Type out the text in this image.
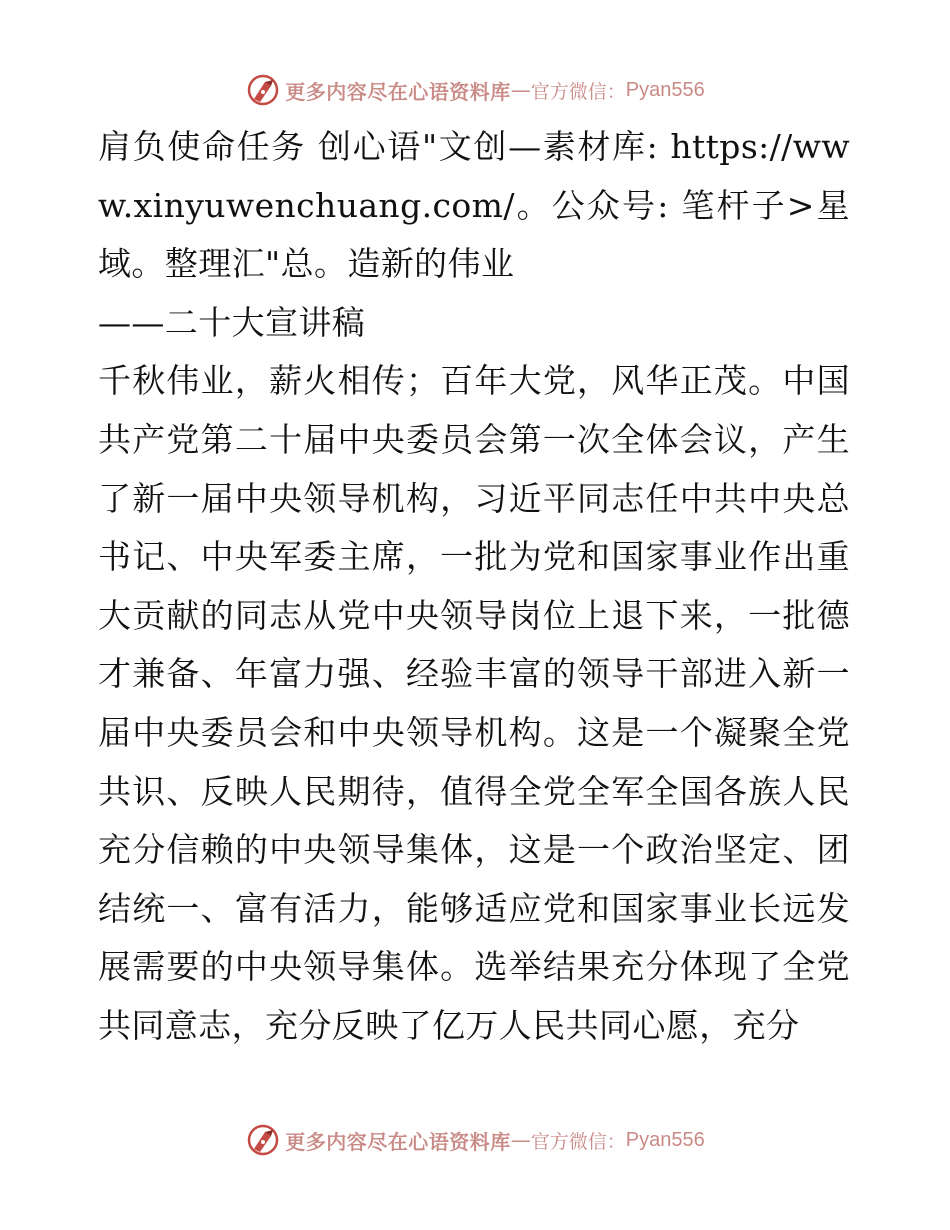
更多内容尽在心语资料库 — 官方微信： Pyan556

肩负使命任务 创心语"文创—素材库: https://www.xinyuwenchuang.com/。公众号: 笔杆子>星域。整理汇"总。造新的伟业

——二十大宣讲稿

千秋伟业，薪火相传；百年大党，风华正茂。中国共产党第二十届中央委员会第一次全体会议，产生了新一届中央领导机构，习近平同志任中共中央总书记、中央军委主席，一批为党和国家事业作出重大贡献的同志从党中央领导岗位上退下来，一批德才兼备、年富力强、经验丰富的领导干部进入新一届中央委员会和中央领导机构。这是一个凝聚全党共识、反映人民期待，值得全党全军全国各族人民充分信赖的中央领导集体，这是一个政治坚定、团结统一、富有活力，能够适应党和国家事业长远发展需要的中央领导集体。选举结果充分体现了全党共同意志，充分反映了亿万人民共同心愿，充分

更多内容尽在心语资料库 — 官方微信： Pyan556
